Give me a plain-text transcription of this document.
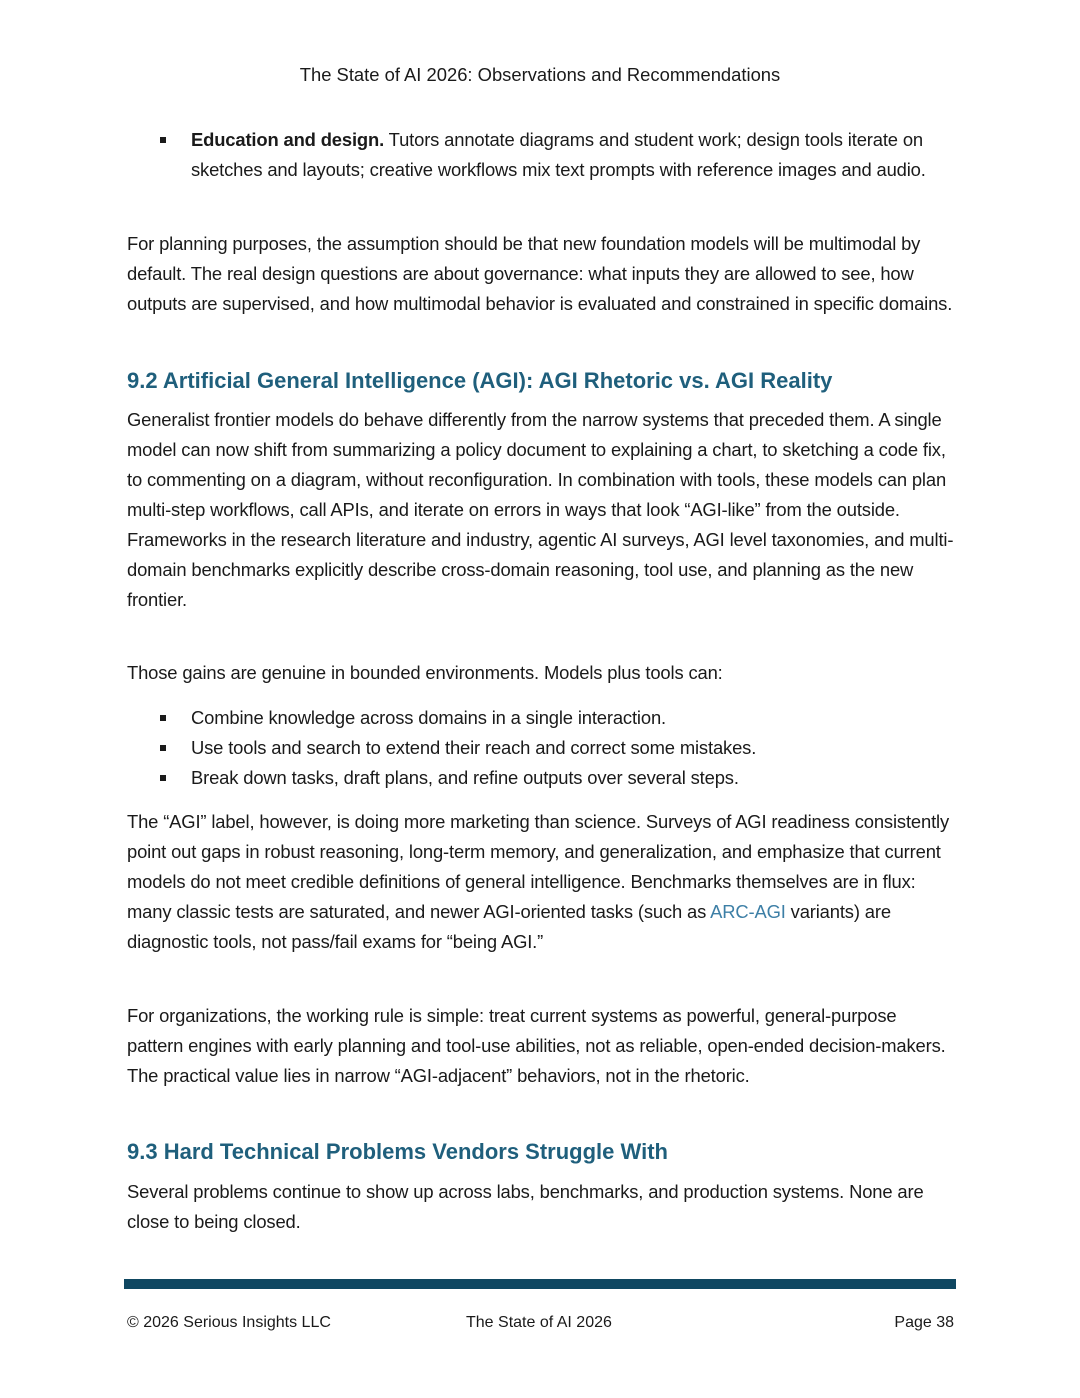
The State of AI 2026: Observations and Recommendations
Education and design. Tutors annotate diagrams and student work; design tools iterate on sketches and layouts; creative workflows mix text prompts with reference images and audio.

For planning purposes, the assumption should be that new foundation models will be multimodal by default. The real design questions are about governance: what inputs they are allowed to see, how outputs are supervised, and how multimodal behavior is evaluated and constrained in specific domains.

9.2 Artificial General Intelligence (AGI): AGI Rhetoric vs. AGI Reality

Generalist frontier models do behave differently from the narrow systems that preceded them. A single model can now shift from summarizing a policy document to explaining a chart, to sketching a code fix, to commenting on a diagram, without reconfiguration. In combination with tools, these models can plan multi-step workflows, call APIs, and iterate on errors in ways that look “AGI-like” from the outside. Frameworks in the research literature and industry, agentic AI surveys, AGI level taxonomies, and multi-domain benchmarks explicitly describe cross-domain reasoning, tool use, and planning as the new frontier.

Those gains are genuine in bounded environments. Models plus tools can:

Combine knowledge across domains in a single interaction.
Use tools and search to extend their reach and correct some mistakes.
Break down tasks, draft plans, and refine outputs over several steps.

The “AGI” label, however, is doing more marketing than science. Surveys of AGI readiness consistently point out gaps in robust reasoning, long-term memory, and generalization, and emphasize that current models do not meet credible definitions of general intelligence. Benchmarks themselves are in flux: many classic tests are saturated, and newer AGI-oriented tasks (such as ARC-AGI variants) are diagnostic tools, not pass/fail exams for “being AGI.”

For organizations, the working rule is simple: treat current systems as powerful, general-purpose pattern engines with early planning and tool-use abilities, not as reliable, open-ended decision-makers. The practical value lies in narrow “AGI-adjacent” behaviors, not in the rhetoric.

9.3 Hard Technical Problems Vendors Struggle With

Several problems continue to show up across labs, benchmarks, and production systems. None are close to being closed.

© 2026 Serious Insights LLC	The State of AI 2026	Page 38
